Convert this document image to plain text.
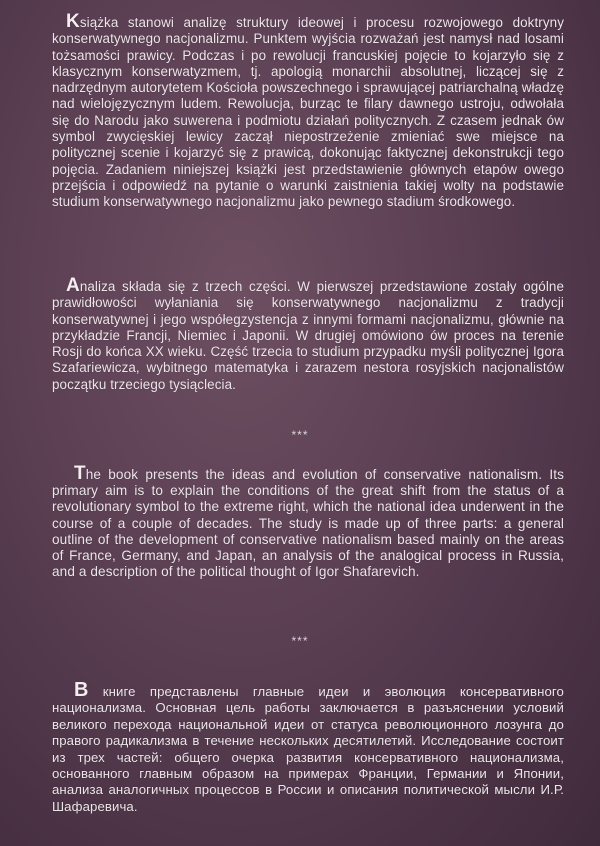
Książka stanowi analizę struktury ideowej i procesu rozwojowego doktryny konserwatywnego nacjonalizmu. Punktem wyjścia rozważań jest namysł nad losami tożsamości prawicy. Podczas i po rewolucji francuskiej pojęcie to kojarzyło się z klasycznym konserwatyzmem, tj. apologią monarchii absolutnej, liczącej się z nadrzędnym autorytetem Kościoła powszechnego i sprawującej patriarchalną władzę nad wielojęzycznym ludem. Rewolucja, burząc te filary dawnego ustroju, odwołała się do Narodu jako suwerena i podmiotu działań politycznych. Z czasem jednak ów symbol zwycięskiej lewicy zaczął niepostrzeżenie zmieniać swe miejsce na politycznej scenie i kojarzyć się z prawicą, dokonując faktycznej dekonstrukcji tego pojęcia. Zadaniem niniejszej książki jest przedstawienie głównych etapów owego przejścia i odpowiedź na pytanie o warunki zaistnienia takiej wolty na podstawie studium konserwatywnego nacjonalizmu jako pewnego stadium środkowego.

Analiza składa się z trzech części. W pierwszej przedstawione zostały ogólne prawidłowości wyłaniania się konserwatywnego nacjonalizmu z tradycji konserwatywnej i jego współegzystencja z innymi formami nacjonalizmu, głównie na przykładzie Francji, Niemiec i Japonii. W drugiej omówiono ów proces na terenie Rosji do końca XX wieku. Część trzecia to studium przypadku myśli politycznej Igora Szafariewicza, wybitnego matematyka i zarazem nestora rosyjskich nacjonalistów początku trzeciego tysiąclecia.

***

The book presents the ideas and evolution of conservative nationalism. Its primary aim is to explain the conditions of the great shift from the status of a revolutionary symbol to the extreme right, which the national idea underwent in the course of a couple of decades. The study is made up of three parts: a general outline of the development of conservative nationalism based mainly on the areas of France, Germany, and Japan, an analysis of the analogical process in Russia, and a description of the political thought of Igor Shafarevich.

***

В книге представлены главные идеи и эволюция консервативного национализма. Основная цель работы заключается в разъяснении условий великого перехода национальной идеи от статуса революционного лозунга до правого радикализма в течение нескольких десятилетий. Исследование состоит из трех частей: общего очерка развития консервативного национализма, основанного главным образом на примерах Франции, Германии и Японии, анализа аналогичных процессов в России и описания политической мысли И.Р. Шафаревича.
